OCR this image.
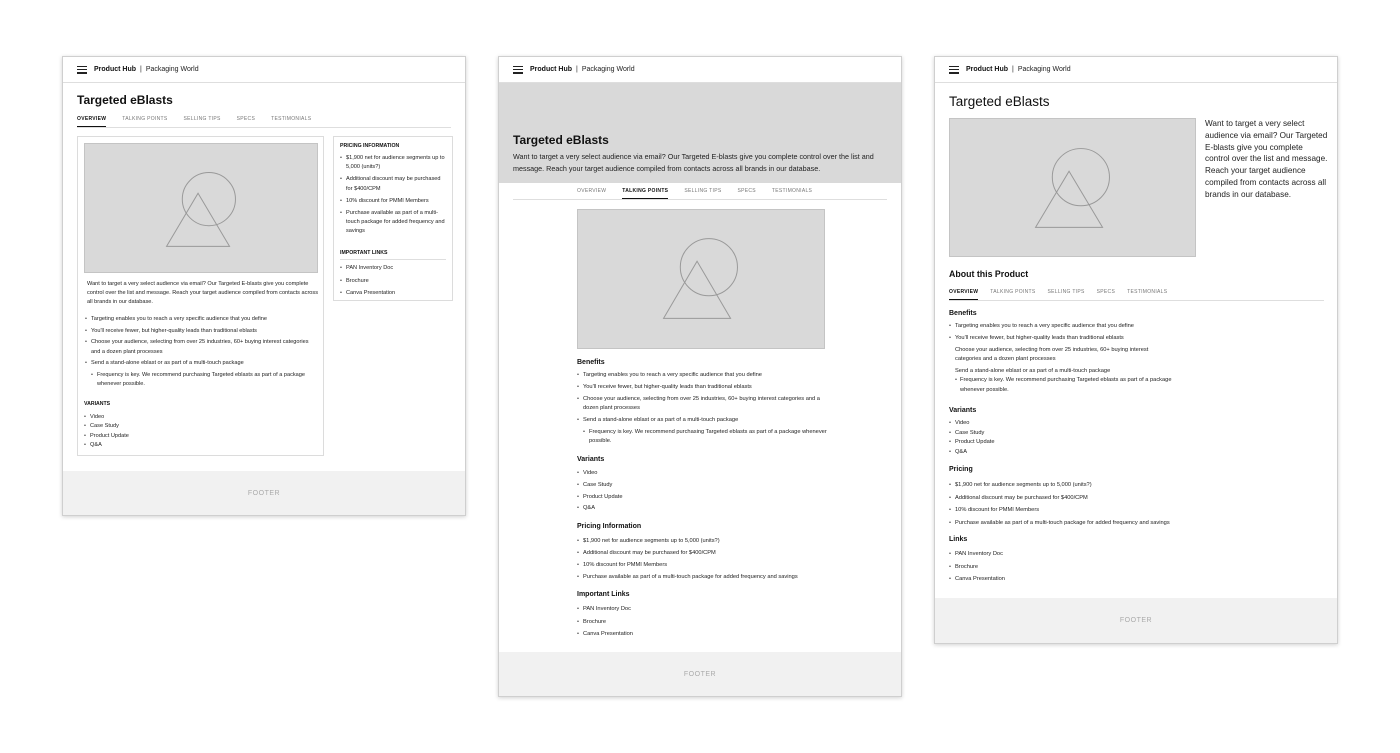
Product Hub | Packaging World
Targeted eBlasts
OVERVIEW	TALKING POINTS	SELLING TIPS	SPECS	TESTIMONIALS
Want to target a very select audience via email? Our Targeted E-blasts give you complete control over the list and message. Reach your target audience compiled from contacts across all brands in our database.
• Targeting enables you to reach a very specific audience that you define
• You'll receive fewer, but higher-quality leads than traditional eblasts
• Choose your audience, selecting from over 25 industries, 60+ buying interest categories and a dozen plant processes
• Send a stand-alone eblast or as part of a multi-touch package
• Frequency is key. We recommend purchasing Targeted eblasts as part of a package whenever possible.
VARIANTS
• Video
• Case Study
• Product Update
• Q&A
PRICING INFORMATION
• $1,900 net for audience segments up to 5,000 (units?)
• Additional discount may be purchased for $400/CPM
• 10% discount for PMMI Members
• Purchase available as part of a multi-touch package for added frequency and savings
IMPORTANT LINKS
• PAN Inventory Doc
• Brochure
• Canva Presentation
FOOTER
Product Hub | Packaging World
Targeted eBlasts
Want to target a very select audience via email? Our Targeted E-blasts give you complete control over the list and message. Reach your target audience compiled from contacts across all brands in our database.
OVERVIEW	TALKING POINTS	SELLING TIPS	SPECS	TESTIMONIALS
Benefits
• Targeting enables you to reach a very specific audience that you define
• You'll receive fewer, but higher-quality leads than traditional eblasts
• Choose your audience, selecting from over 25 industries, 60+ buying interest categories and a dozen plant processes
• Send a stand-alone eblast or as part of a multi-touch package
• Frequency is key. We recommend purchasing Targeted eblasts as part of a package whenever possible.
Variants
• Video
• Case Study
• Product Update
• Q&A
Pricing Information
• $1,900 net for audience segments up to 5,000 (units?)
• Additional discount may be purchased for $400/CPM
• 10% discount for PMMI Members
• Purchase available as part of a multi-touch package for added frequency and savings
Important Links
• PAN Inventory Doc
• Brochure
• Canva Presentation
FOOTER
Product Hub | Packaging World
Targeted eBlasts
Want to target a very select audience via email? Our Targeted E-blasts give you complete control over the list and message. Reach your target audience compiled from contacts across all brands in our database.
About this Product
OVERVIEW TALKING POINTS SELLING TIPS SPECS TESTIMONIALS
Benefits
• Targeting enables you to reach a very specific audience that you define
• You'll receive fewer, but higher-quality leads than traditional eblasts
Choose your audience, selecting from over 25 industries, 60+ buying interest categories and a dozen plant processes
Send a stand-alone eblast or as part of a multi-touch package
• Frequency is key. We recommend purchasing Targeted eblasts as part of a package whenever possible.
Variants
• Video
• Case Study
• Product Update
• Q&A
Pricing
• $1,900 net for audience segments up to 5,000 (units?)
• Additional discount may be purchased for $400/CPM
• 10% discount for PMMI Members
• Purchase available as part of a multi-touch package for added frequency and savings
Links
• PAN Inventory Doc
• Brochure
• Canva Presentation
FOOTER
